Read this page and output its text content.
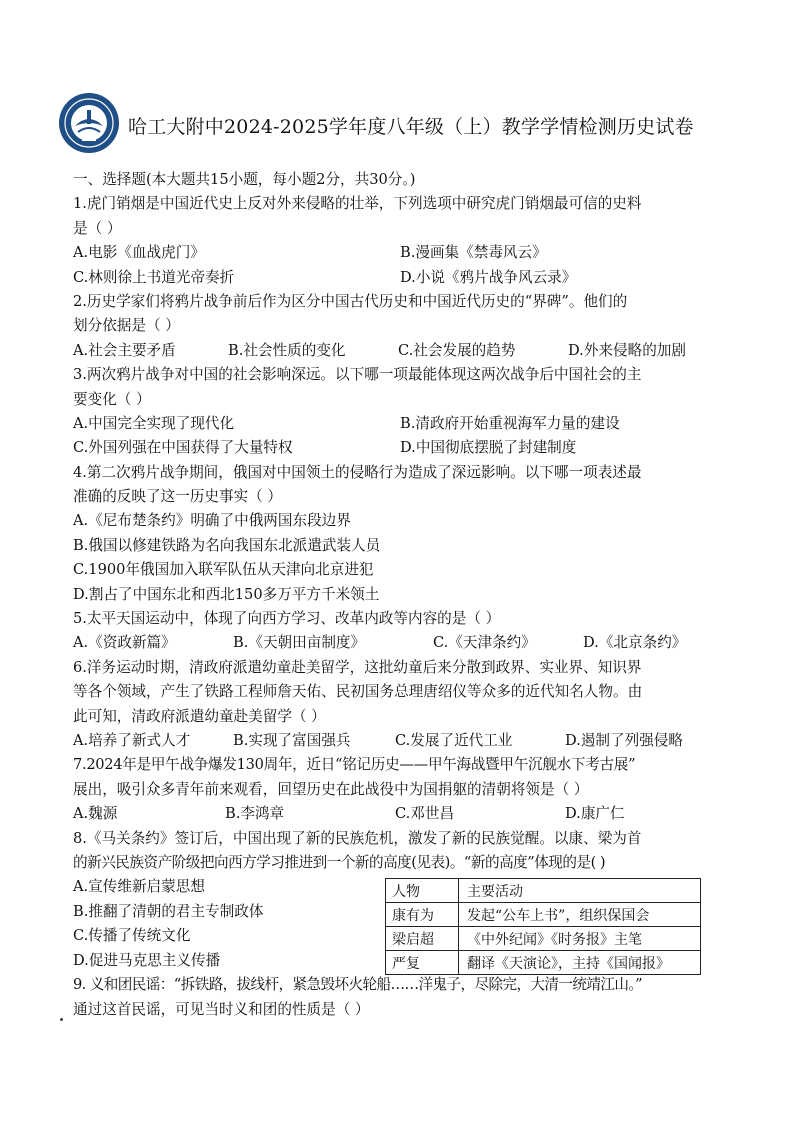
哈工大附中2024-2025学年度八年级（上）教学学情检测历史试卷
一、选择题(本大题共15小题，每小题2分，共30分。)
1.虎门销烟是中国近代史上反对外来侵略的壮举，下列选项中研究虎门销烟最可信的史料
是（ ）
A.电影《血战虎门》	B.漫画集《禁毒风云》
C.林则徐上书道光帝奏折	D.小说《鸦片战争风云录》
2.历史学家们将鸦片战争前后作为区分中国古代历史和中国近代历史的“界碑”。他们的
划分依据是（ ）
A.社会主要矛盾	B.社会性质的变化	C.社会发展的趋势	D.外来侵略的加剧
3.两次鸦片战争对中国的社会影响深远。以下哪一项最能体现这两次战争后中国社会的主
要变化（ ）
A.中国完全实现了现代化	B.清政府开始重视海军力量的建设
C.外国列强在中国获得了大量特权	D.中国彻底摆脱了封建制度
4.第二次鸦片战争期间，俄国对中国领土的侵略行为造成了深远影响。以下哪一项表述最
准确的反映了这一历史事实（ ）
A.《尼布楚条约》明确了中俄两国东段边界
B.俄国以修建铁路为名向我国东北派遣武装人员
C.1900年俄国加入联军队伍从天津向北京进犯
D.割占了中国东北和西北150多万平方千米领土
5.太平天国运动中，体现了向西方学习、改革内政等内容的是（ ）
A.《资政新篇》	B.《天朝田亩制度》	C.《天津条约》	D.《北京条约》
6.洋务运动时期，清政府派遣幼童赴美留学，这批幼童后来分散到政界、实业界、知识界
等各个领域，产生了铁路工程师詹天佑、民初国务总理唐绍仪等众多的近代知名人物。由
此可知，清政府派遣幼童赴美留学（ ）
A.培养了新式人才	B.实现了富国强兵	C.发展了近代工业	D.遏制了列强侵略
7.2024年是甲午战争爆发130周年，近日“铭记历史——甲午海战暨甲午沉舰水下考古展”
展出，吸引众多青年前来观看，回望历史在此战役中为国捐躯的清朝将领是（ ）
A.魏源	B.李鸿章	C.邓世昌	D.康广仁
8.《马关条约》签订后，中国出现了新的民族危机，激发了新的民族觉醒。以康、梁为首
的新兴民族资产阶级把向西方学习推进到一个新的高度(见表)。“新的高度”体现的是( )
A.宣传维新启蒙思想
B.推翻了清朝的君主专制政体
C.传播了传统文化
D.促进马克思主义传播
人物	主要活动
康有为	发起“公车上书”，组织保国会
梁启超	《中外纪闻》《时务报》主笔
严复	翻译《天演论》，主持《国闻报》
9. 义和团民谣：“拆铁路，拔线杆，紧急毁坏火轮船……洋鬼子，尽除完，大清一统靖江山。”
通过这首民谣，可见当时义和团的性质是（ ）
